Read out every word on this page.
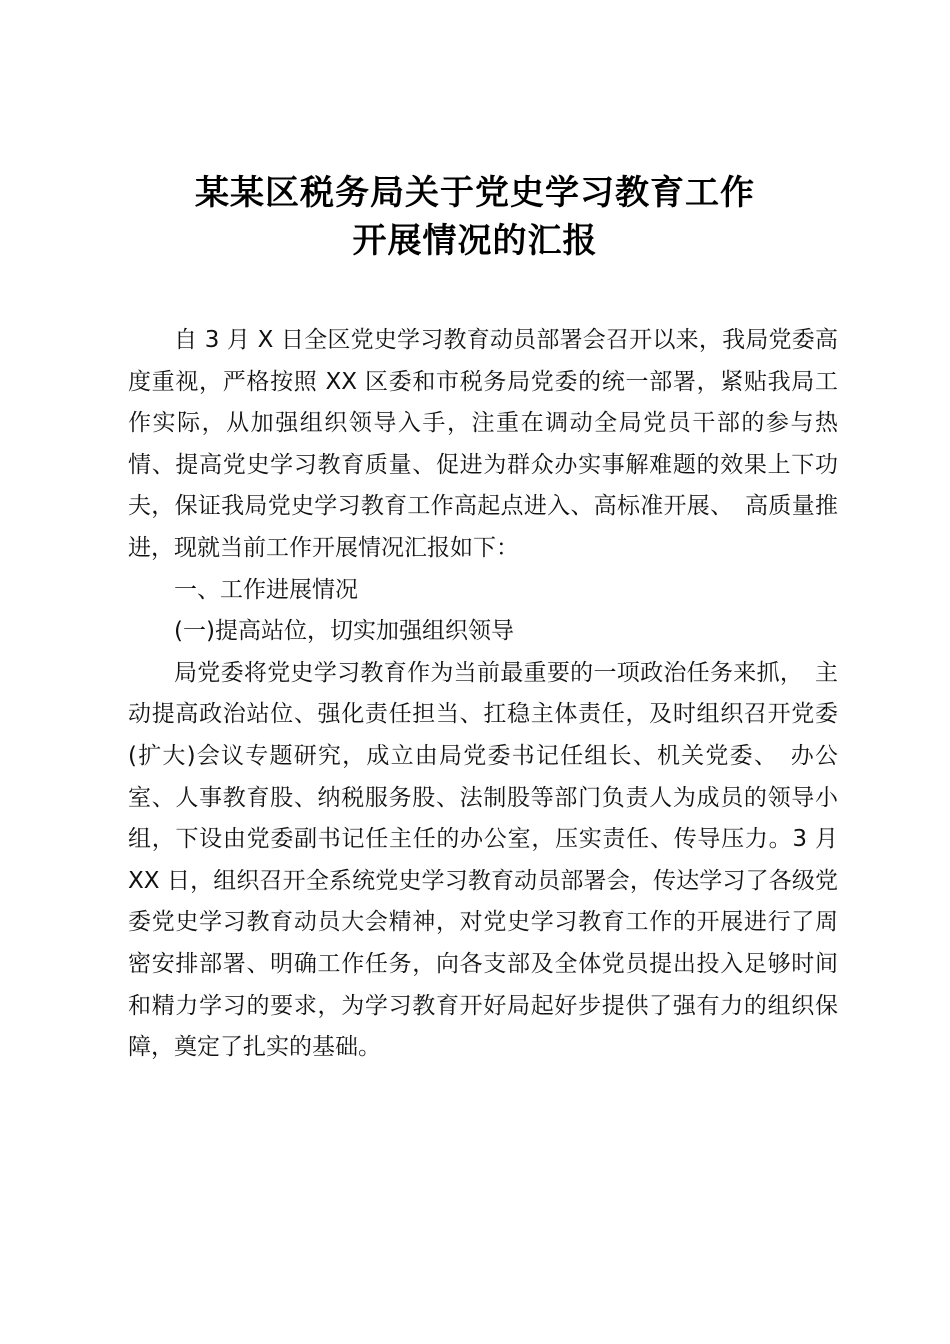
某某区税务局关于党史学习教育工作
开展情况的汇报

自 3 月 X 日全区党史学习教育动员部署会召开以来，我局党委高度重视，严格按照 XX 区委和市税务局党委的统一部署，紧贴我局工作实际，从加强组织领导入手，注重在调动全局党员干部的参与热情、提高党史学习教育质量、促进为群众办实事解难题的效果上下功夫，保证我局党史学习教育工作高起点进入、高标准开展、　高质量推进，现就当前工作开展情况汇报如下：

一、工作进展情况

(一)提高站位，切实加强组织领导

局党委将党史学习教育作为当前最重要的一项政治任务来抓，　主动提高政治站位、强化责任担当、扛稳主体责任，及时组织召开党委(扩大)会议专题研究，成立由局党委书记任组长、机关党委、　办公室、人事教育股、纳税服务股、法制股等部门负责人为成员的领导小组，下设由党委副书记任主任的办公室，压实责任、传导压力。3 月 XX 日，组织召开全系统党史学习教育动员部署会，传达学习了各级党委党史学习教育动员大会精神，对党史学习教育工作的开展进行了周密安排部署、明确工作任务，向各支部及全体党员提出投入足够时间和精力学习的要求，为学习教育开好局起好步提供了强有力的组织保障，奠定了扎实的基础。
